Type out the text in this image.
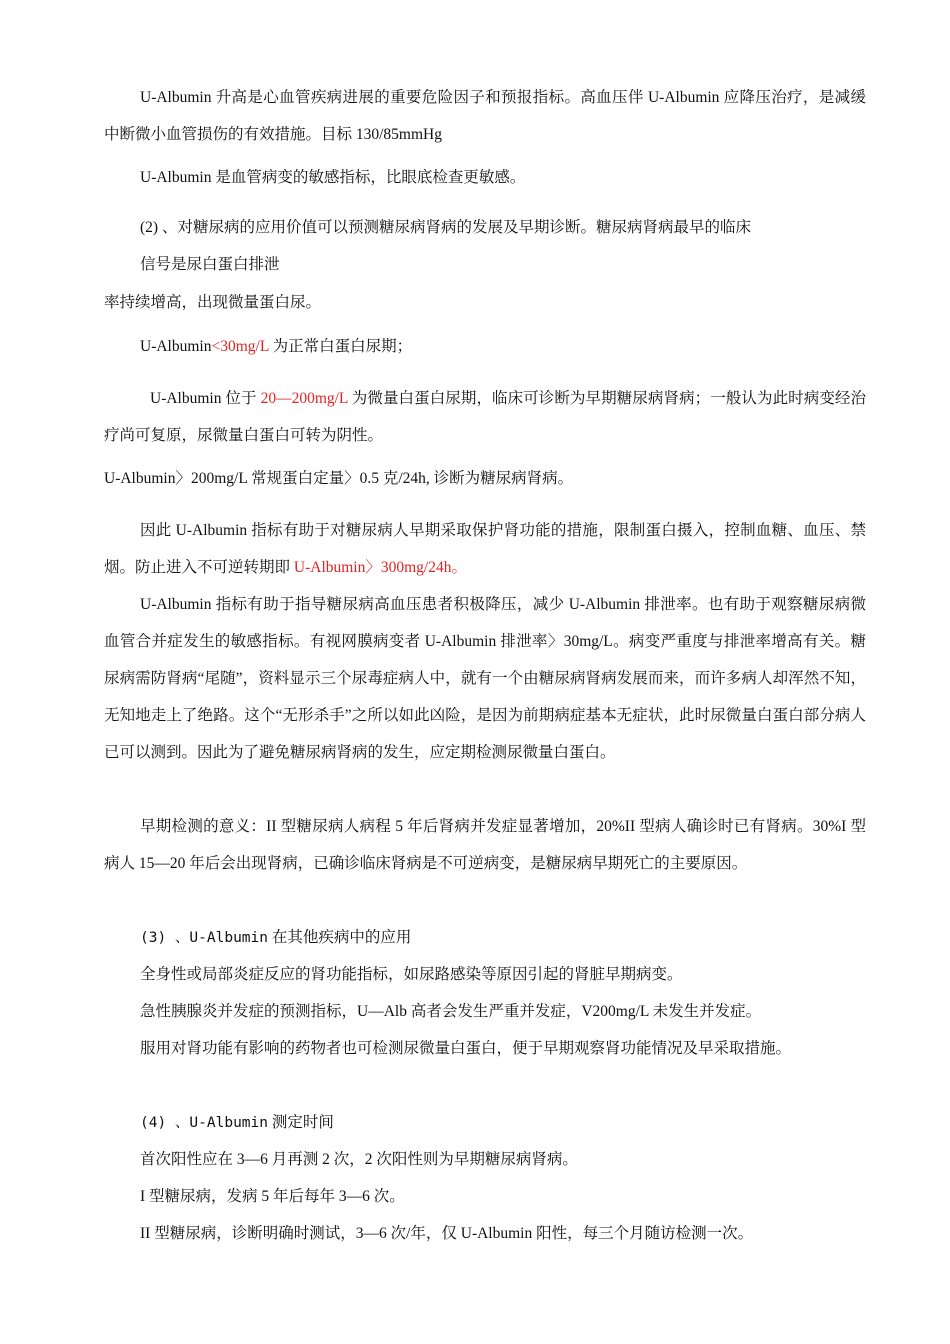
U-Albumin 升高是心血管疾病进展的重要危险因子和预报指标。高血压伴 U-Albumin 应降压治疗，是减缓中断微小血管损伤的有效措施。目标 130/85mmHg

U-Albumin 是血管病变的敏感指标，比眼底检查更敏感。

(2) 、对糖尿病的应用价值可以预测糖尿病肾病的发展及早期诊断。糖尿病肾病最早的临床

信号是尿白蛋白排泄

率持续增高，出现微量蛋白尿。

U-Albumin<30mg/L 为正常白蛋白尿期；

U-Albumin 位于 20—200mg/L 为微量白蛋白尿期，临床可诊断为早期糖尿病肾病；一般认为此时病变经治疗尚可复原，尿微量白蛋白可转为阴性。

U-Albumin〉200mg/L 常规蛋白定量〉0.5 克/24h, 诊断为糖尿病肾病。

因此 U-Albumin 指标有助于对糖尿病人早期采取保护肾功能的措施，限制蛋白摄入，控制血糖、血压、禁烟。防止进入不可逆转期即 U-Albumin〉300mg/24h。

U-Albumin 指标有助于指导糖尿病高血压患者积极降压，减少 U-Albumin 排泄率。也有助于观察糖尿病微血管合并症发生的敏感指标。有视网膜病变者 U-Albumin 排泄率〉30mg/L。病变严重度与排泄率增高有关。糖尿病需防肾病“尾随”，资料显示三个尿毒症病人中，就有一个由糖尿病肾病发展而来，而许多病人却浑然不知，无知地走上了绝路。这个“无形杀手”之所以如此凶险，是因为前期病症基本无症状，此时尿微量白蛋白部分病人已可以测到。因此为了避免糖尿病肾病的发生，应定期检测尿微量白蛋白。

早期检测的意义：II 型糖尿病人病程 5 年后肾病并发症显著增加，20%II 型病人确诊时已有肾病。30%I 型病人 15—20 年后会出现肾病，已确诊临床肾病是不可逆病变，是糖尿病早期死亡的主要原因。

(3) 、U-Albumin 在其他疾病中的应用

全身性或局部炎症反应的肾功能指标，如尿路感染等原因引起的肾脏早期病变。

急性胰腺炎并发症的预测指标，U—Alb 高者会发生严重并发症，V200mg/L 未发生并发症。

服用对肾功能有影响的药物者也可检测尿微量白蛋白，便于早期观察肾功能情况及早采取措施。

(4) 、U-Albumin 测定时间

首次阳性应在 3—6 月再测 2 次，2 次阳性则为早期糖尿病肾病。

I 型糖尿病，发病 5 年后每年 3—6 次。

II 型糖尿病，诊断明确时测试，3—6 次/年，仅 U-Albumin 阳性，每三个月随访检测一次。
